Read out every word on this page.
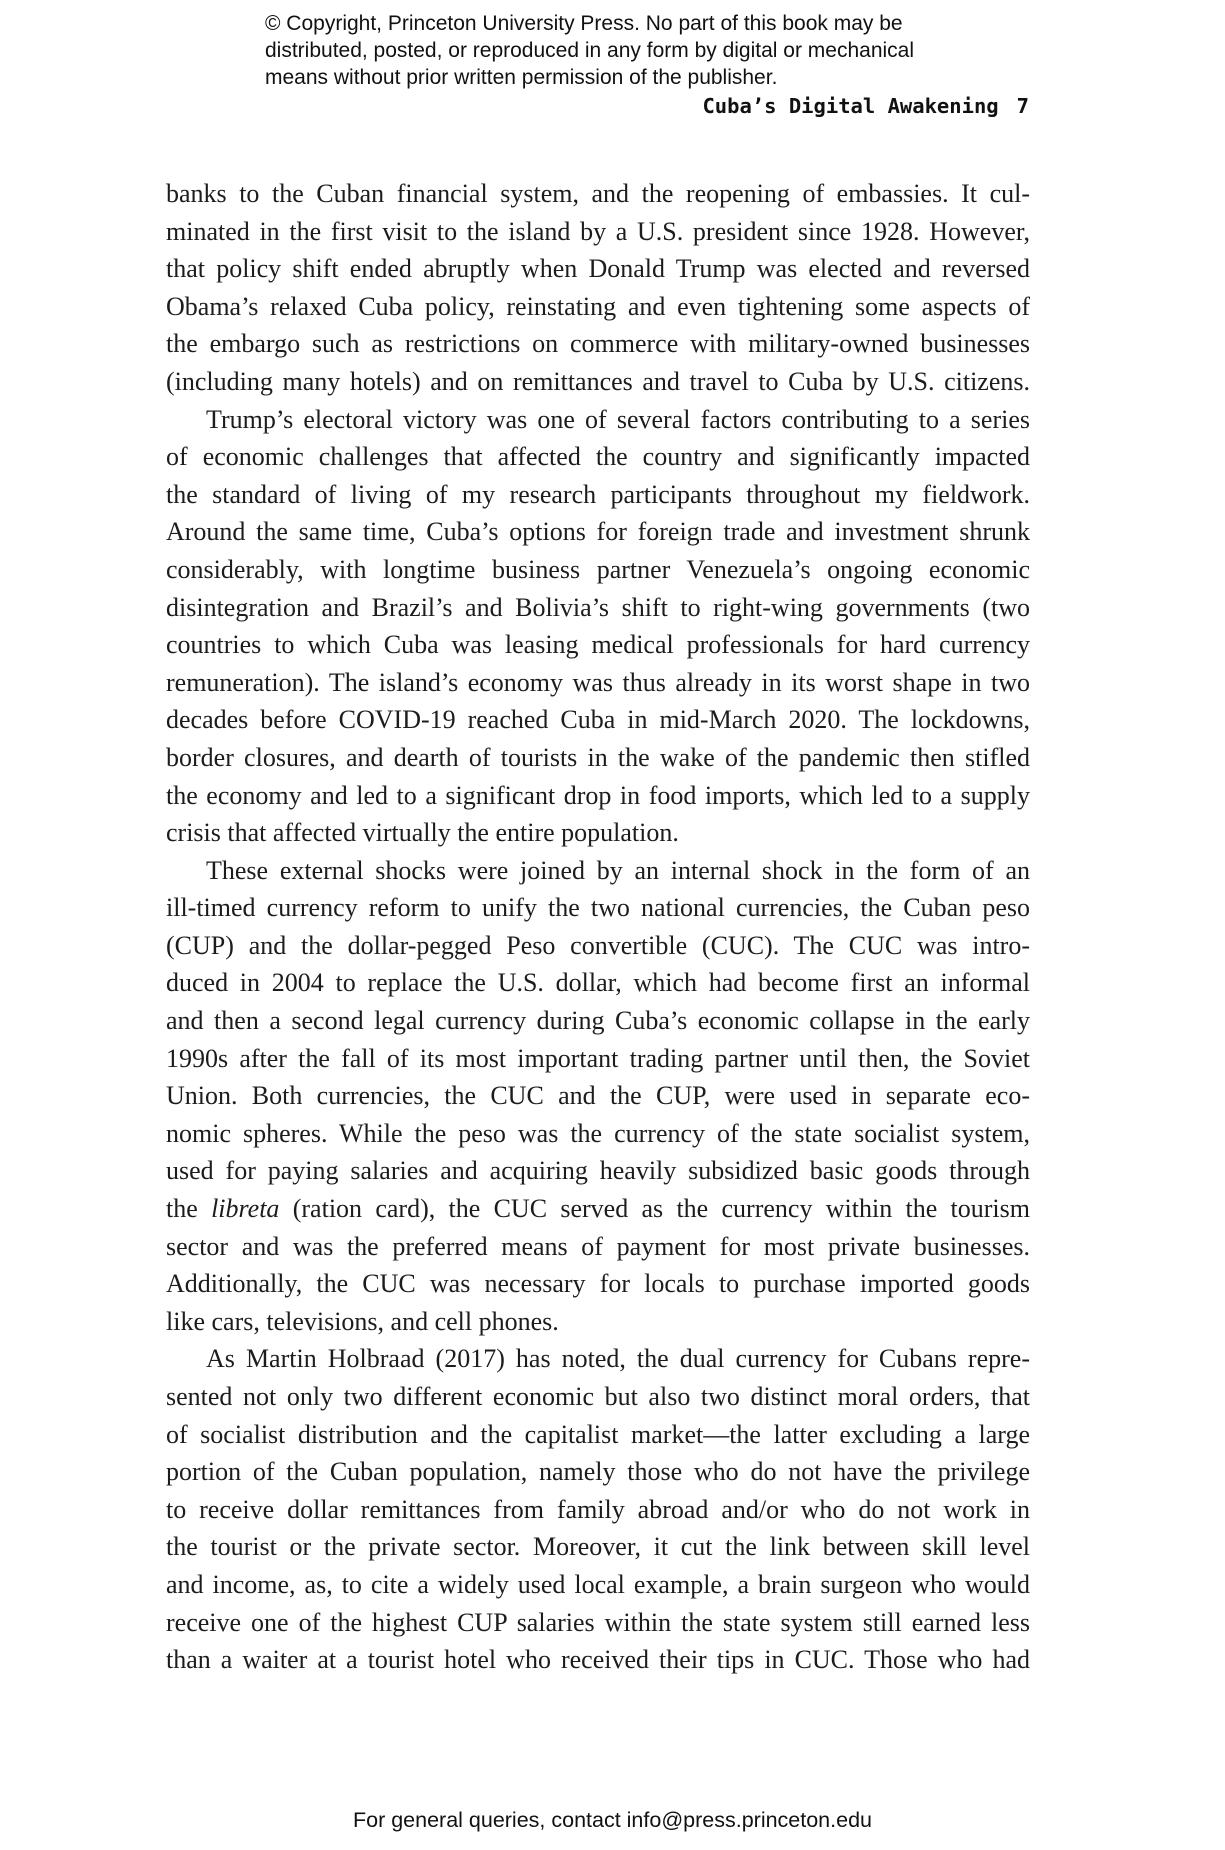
© Copyright, Princeton University Press. No part of this book may be
distributed, posted, or reproduced in any form by digital or mechanical
means without prior written permission of the publisher.
Cuba’s Digital Awakening 7
banks to the Cuban financial system, and the reopening of embassies. It cul-
minated in the first visit to the island by a U.S. president since 1928. However,
that policy shift ended abruptly when Donald Trump was elected and reversed
Obama’s relaxed Cuba policy, reinstating and even tightening some aspects of
the embargo such as restrictions on commerce with military-owned businesses
(including many hotels) and on remittances and travel to Cuba by U.S. citizens.
Trump’s electoral victory was one of several factors contributing to a series
of economic challenges that affected the country and significantly impacted
the standard of living of my research participants throughout my fieldwork.
Around the same time, Cuba’s options for foreign trade and investment shrunk
considerably, with longtime business partner Venezuela’s ongoing economic
disintegration and Brazil’s and Bolivia’s shift to right-wing governments (two
countries to which Cuba was leasing medical professionals for hard currency
remuneration). The island’s economy was thus already in its worst shape in two
decades before COVID-19 reached Cuba in mid-March 2020. The lockdowns,
border closures, and dearth of tourists in the wake of the pandemic then stifled
the economy and led to a significant drop in food imports, which led to a supply
crisis that affected virtually the entire population.
These external shocks were joined by an internal shock in the form of an
ill-timed currency reform to unify the two national currencies, the Cuban peso
(CUP) and the dollar-pegged Peso convertible (CUC). The CUC was intro-
duced in 2004 to replace the U.S. dollar, which had become first an informal
and then a second legal currency during Cuba’s economic collapse in the early
1990s after the fall of its most important trading partner until then, the Soviet
Union. Both currencies, the CUC and the CUP, were used in separate eco-
nomic spheres. While the peso was the currency of the state socialist system,
used for paying salaries and acquiring heavily subsidized basic goods through
the libreta (ration card), the CUC served as the currency within the tourism
sector and was the preferred means of payment for most private businesses.
Additionally, the CUC was necessary for locals to purchase imported goods
like cars, televisions, and cell phones.
As Martin Holbraad (2017) has noted, the dual currency for Cubans repre-
sented not only two different economic but also two distinct moral orders, that
of socialist distribution and the capitalist market—the latter excluding a large
portion of the Cuban population, namely those who do not have the privilege
to receive dollar remittances from family abroad and/or who do not work in
the tourist or the private sector. Moreover, it cut the link between skill level
and income, as, to cite a widely used local example, a brain surgeon who would
receive one of the highest CUP salaries within the state system still earned less
than a waiter at a tourist hotel who received their tips in CUC. Those who had
For general queries, contact info@press.princeton.edu
